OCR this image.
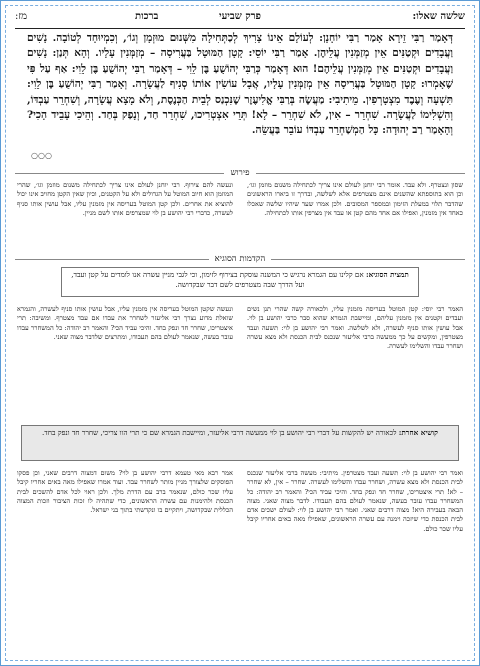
שלשה שאלו:
פרק שביעי
ברכות
מז:
דְּאָמַר רַבִּי זֵירָא אָמַר רַבִּי יוֹחָנָן: לְעוֹלָם אֵינוֹ צָרִיךְ לְכַתְּחִילָה מִשְּׁנוּם מוּזְמָן וְגוֹ׳, וְכִמְיוּחָד לְטוֹבָה. נָשִׁים וַעֲבָדִים וּקְטַנִּים אֵין מְזַמְּנִין עֲלֵיהֶן. אָמַר רַבִּי יוֹסֵי: קָטָן הַמּוּטָל בַּעֲרִיסָה – מְזַמְּנִין עָלָיו. וְהָא תְּנַן: נָשִׁים וַעֲבָדִים וּקְטַנִּים אֵין מְזַמְּנִין עֲלֵיהֶם! הוּא דְּאָמַר כְּרַבִּי יְהוֹשֻׁעַ בֶּן לֵוִי – דְּאָמַר רַבִּי יְהוֹשֻׁעַ בֶּן לֵוִי: אַף עַל פִּי שֶׁאָמְרוּ: קָטָן הַמּוּטָל בַּעֲרִיסָה אֵין מְזַמְּנִין עָלָיו, אֲבָל עוֹשִׂין אוֹתוֹ סְנִיף לַעֲשָׂרָה. וְאָמַר רַבִּי יְהוֹשֻׁעַ בֶּן לֵוִי: תִּשְׁעָה וְעֶבֶד מִצְטָרְפִין. מֵיתִיבִי: מַעֲשֶׂה בְּרַבִּי אֱלִיעֶזֶר שֶׁנִּכְנַס לְבֵית הַכְּנֶסֶת, וְלֹא מָצָא עֲשָׂרָה, וְשִׁחְרֵר עַבְדּוֹ, וְהִשְׁלִימוֹ לַעֲשָׂרָה. שִׁחְרֵר – אִין, לֹא שִׁחְרֵר – לָא! תְּרֵי אִצְטְרִיכוּ, שִׁחְרֵר חַד, וְנָפַק בְּחַד. וְהֵיכִי עָבֵיד הָכִי? וְהָאָמַר רַב יְהוּדָה: כָּל הַמְשַׁחְרֵר עַבְדּוֹ עוֹבֵר בַּעֲשֵׂה.
○○○
פירוש
שסון ונצטרף. ולא עבד. אומר רבי יוחנן לעולם אינו צריך לכתחילה משנום מוזמן וגו׳, וכן הוא בתוספתא שהשנים אינם מצטרפים אלא לשלשה, ובדרך זו ביארו הראשונים שהדבר תלוי במעלת הזימון ובמספר המסובים. ולכן אמרו שעד שיהיו שלשה שאכלו כאחד אין מזמנין, ואפילו אם אחד מהם קטן או עבד אין מצרפין אותו לכתחילה.
ונעשה להם צירוף. רבי יוחנן לעולם אינו צריך לכתחילה משנום מוזמן וגו׳, שהרי המוזמן הוא חיוב המוטל על הגדולים ולא על הקטנים, וכיון שאין הקטן מחויב אינו יכול להוציא את אחרים. ולכן קטן המוטל בעריסה אין מזמנין עליו, אבל עושין אותו סניף לעשרה, כדברי רבי יהושע בן לוי שמצרפים אותו לשם מניין.
הקדמות הסוגיא
תמצית הסוגיא: אם קלינו עם הגמרא נרגיש כי המשנה עוסקת בצירוף לזימון, וכי לגבי מניין עשרה אנו לומדים על קטן ועבד, ועל הדרך שבה מצטרפים לשם דבר שבקדושה.
האמר רבי יוסי: קטן המוטל בעריסה מזמנין עליו, ולכאורה קשה שהרי תנן נשים ועבדים וקטנים אין מזמנין עליהם, ומיישבת הגמרא שהוא סבר כרבי יהושע בן לוי. אבל עושין אותו סניף לעשרה, ולא לשלשה. ואמר רבי יהושע בן לוי: תשעה ועבד מצטרפין, ומקשים על כך ממעשה ברבי אליעזר שנכנס לבית הכנסת ולא מצא עשרה ושחרר עבדו והשלימו לעשרה.
ונעשה שקטן המוטל בעריסה אין מזמנין עליו, אבל עושין אותו סניף לעשרה, והגמרא שואלת מדוע נצרך רבי אליעזר לשחרר את עבדו אם עבד מצטרף. ומשיבה: תרי איצטריכו, שחרר חד ונפק בחד. והיכי עביד הכי? והאמר רב יהודה: כל המשחרר עבדו עובר בעשה, שנאמר לעולם בהם תעבודו, ומתרצים שלדבר מצוה שאני.
קושיא אחרת: לכאורה יש להקשות על דברי רבי יהושע בן לוי ממעשה דרבי אליעזר, ומיישבת הגמרא שם כי תרי הוו צריכי, שחרר חד ונפק בחד.
ואמר רבי יהושע בן לוי: תשעה ועבד מצטרפין. מיתיבי: מעשה ברבי אליעזר שנכנס לבית הכנסת ולא מצא עשרה, ושחרר עבדו והשלימו לעשרה. שחרר – אין, לא שחרר – לא! תרי איצטריכו, שחרר חד ונפק בחד. והיכי עביד הכי? והאמר רב יהודה: כל המשחרר עבדו עובר בעשה, שנאמר לעולם בהם תעבודו. לדבר מצוה שאני. מצוה הבאה בעבירה היא! מצוה דרבים שאני. ואמר רבי יהושע בן לוי: לעולם ישכים אדם לבית הכנסת כדי שיזכה וימנה עם עשרה הראשונים, שאפילו מאה באים אחריו קיבל עליו שכר כולם.
אמר רבא מאי טעמא דרבי יהושע בן לוי? משום דמצוה דרבים שאני, וכן פסקו הפוסקים שלצורך מניין מותר לשחרר עבד. ועוד אמרו שאפילו מאה באים אחריו קיבל עליו שכר כולם, שנאמר ברב עם הדרת מלך. ולכן ראוי לכל אדם להשכים לבית הכנסת ולהימנות עם עשרה הראשונים, כדי שתהיה לו זכות הציבור וזכות המצוה הכללית שבקדושה, ויתקיים בו ונקדשתי בתוך בני ישראל.
